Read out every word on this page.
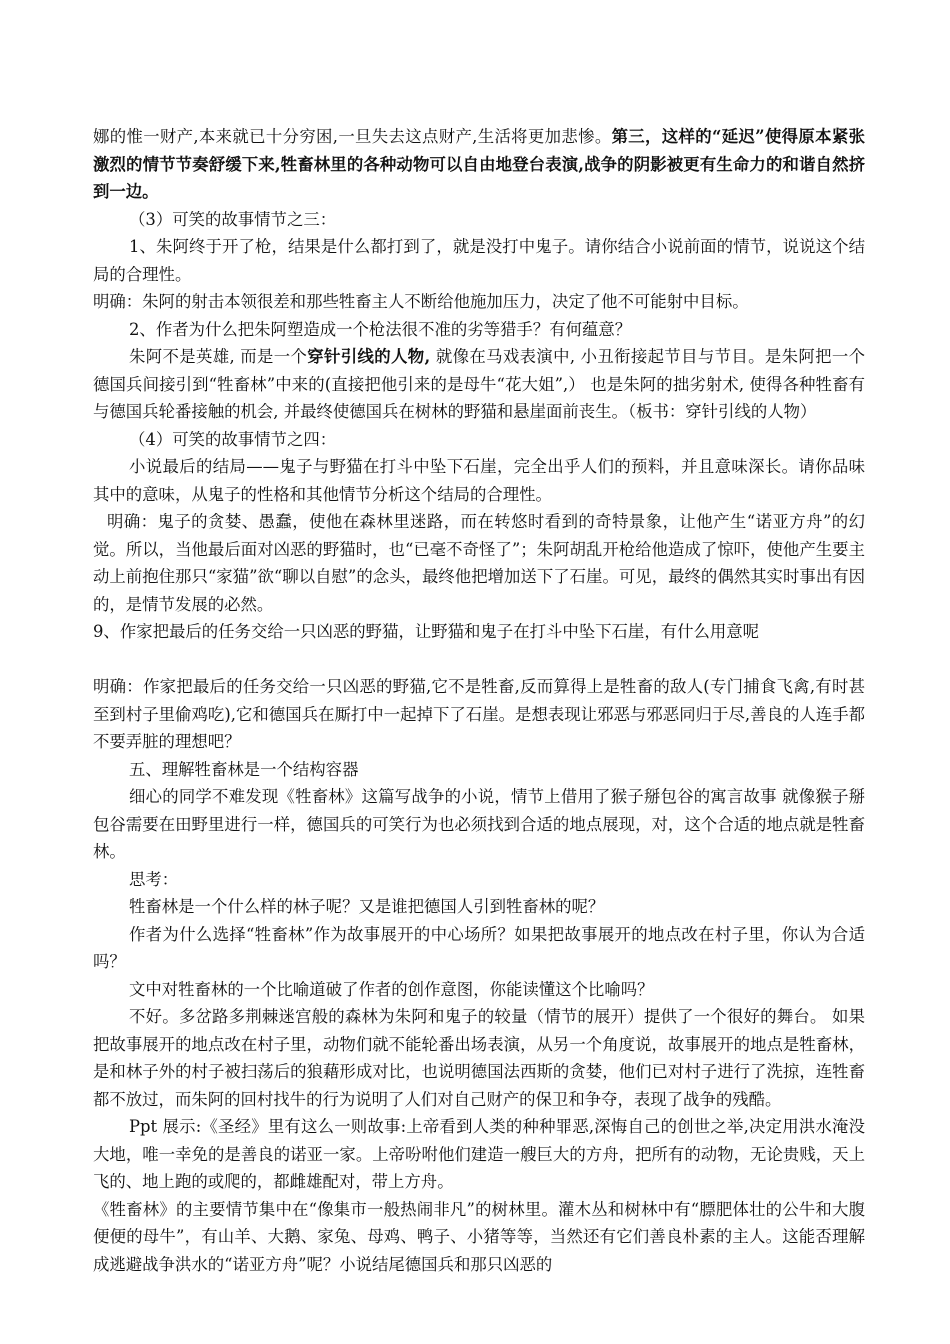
娜的惟一财产,本来就已十分穷困,一旦失去这点财产,生活将更加悲惨。第三，这样的“延迟”使得原本紧张激烈的情节节奏舒缓下来,牲畜林里的各种动物可以自由地登台表演,战争的阴影被更有生命力的和谐自然挤到一边。

（3）可笑的故事情节之三：

1、朱阿终于开了枪，结果是什么都打到了，就是没打中鬼子。请你结合小说前面的情节，说说这个结局的合理性。

明确：朱阿的射击本领很差和那些牲畜主人不断给他施加压力，决定了他不可能射中目标。

2、作者为什么把朱阿塑造成一个枪法很不准的劣等猎手？有何蕴意？

朱阿不是英雄, 而是一个穿针引线的人物, 就像在马戏表演中, 小丑衔接起节目与节目。是朱阿把一个德国兵间接引到“牲畜林”中来的(直接把他引来的是母牛“花大姐”,） 也是朱阿的拙劣射术, 使得各种牲畜有与德国兵轮番接触的机会, 并最终使德国兵在树林的野猫和悬崖面前丧生。（板书：穿针引线的人物）

（4）可笑的故事情节之四：

小说最后的结局——鬼子与野猫在打斗中坠下石崖，完全出乎人们的预料，并且意味深长。请你品味其中的意味，从鬼子的性格和其他情节分析这个结局的合理性。

明确：鬼子的贪婪、愚蠢，使他在森林里迷路，而在转悠时看到的奇特景象，让他产生“诺亚方舟”的幻觉。所以，当他最后面对凶恶的野猫时，也“已毫不奇怪了”；朱阿胡乱开枪给他造成了惊吓，使他产生要主动上前抱住那只“家猫”欲“聊以自慰”的念头，最终他把增加送下了石崖。可见，最终的偶然其实时事出有因的，是情节发展的必然。

9、作家把最后的任务交给一只凶恶的野猫，让野猫和鬼子在打斗中坠下石崖，有什么用意呢

明确：作家把最后的任务交给一只凶恶的野猫,它不是牲畜,反而算得上是牲畜的敌人(专门捕食飞禽,有时甚至到村子里偷鸡吃),它和德国兵在厮打中一起掉下了石崖。是想表现让邪恶与邪恶同归于尽,善良的人连手都不要弄脏的理想吧？

五、理解牲畜林是一个结构容器

细心的同学不难发现《牲畜林》这篇写战争的小说，情节上借用了猴子掰包谷的寓言故事 就像猴子掰包谷需要在田野里进行一样，德国兵的可笑行为也必须找到合适的地点展现，对，这个合适的地点就是牲畜林。

思考：

牲畜林是一个什么样的林子呢？又是谁把德国人引到牲畜林的呢？

作者为什么选择“牲畜林”作为故事展开的中心场所？如果把故事展开的地点改在村子里，你认为合适吗？

文中对牲畜林的一个比喻道破了作者的创作意图，你能读懂这个比喻吗？

不好。多岔路多荆棘迷宫般的森林为朱阿和鬼子的较量（情节的展开）提供了一个很好的舞台。 如果把故事展开的地点改在村子里，动物们就不能轮番出场表演，从另一个角度说，故事展开的地点是牲畜林，是和林子外的村子被扫荡后的狼藉形成对比，也说明德国法西斯的贪婪，他们已对村子进行了洗掠，连牲畜都不放过，而朱阿的回村找牛的行为说明了人们对自己财产的保卫和争夺，表现了战争的残酷。

Ppt 展示:《圣经》里有这么一则故事:上帝看到人类的种种罪恶,深悔自己的创世之举,决定用洪水淹没大地，唯一幸免的是善良的诺亚一家。上帝吩咐他们建造一艘巨大的方舟，把所有的动物，无论贵贱，天上飞的、地上跑的或爬的，都雌雄配对，带上方舟。

《牲畜林》的主要情节集中在“像集市一般热闹非凡”的树林里。灌木丛和树林中有“膘肥体壮的公牛和大腹便便的母牛”，有山羊、大鹅、家兔、母鸡、鸭子、小猪等等，当然还有它们善良朴素的主人。这能否理解成逃避战争洪水的“诺亚方舟”呢？小说结尾德国兵和那只凶恶的
